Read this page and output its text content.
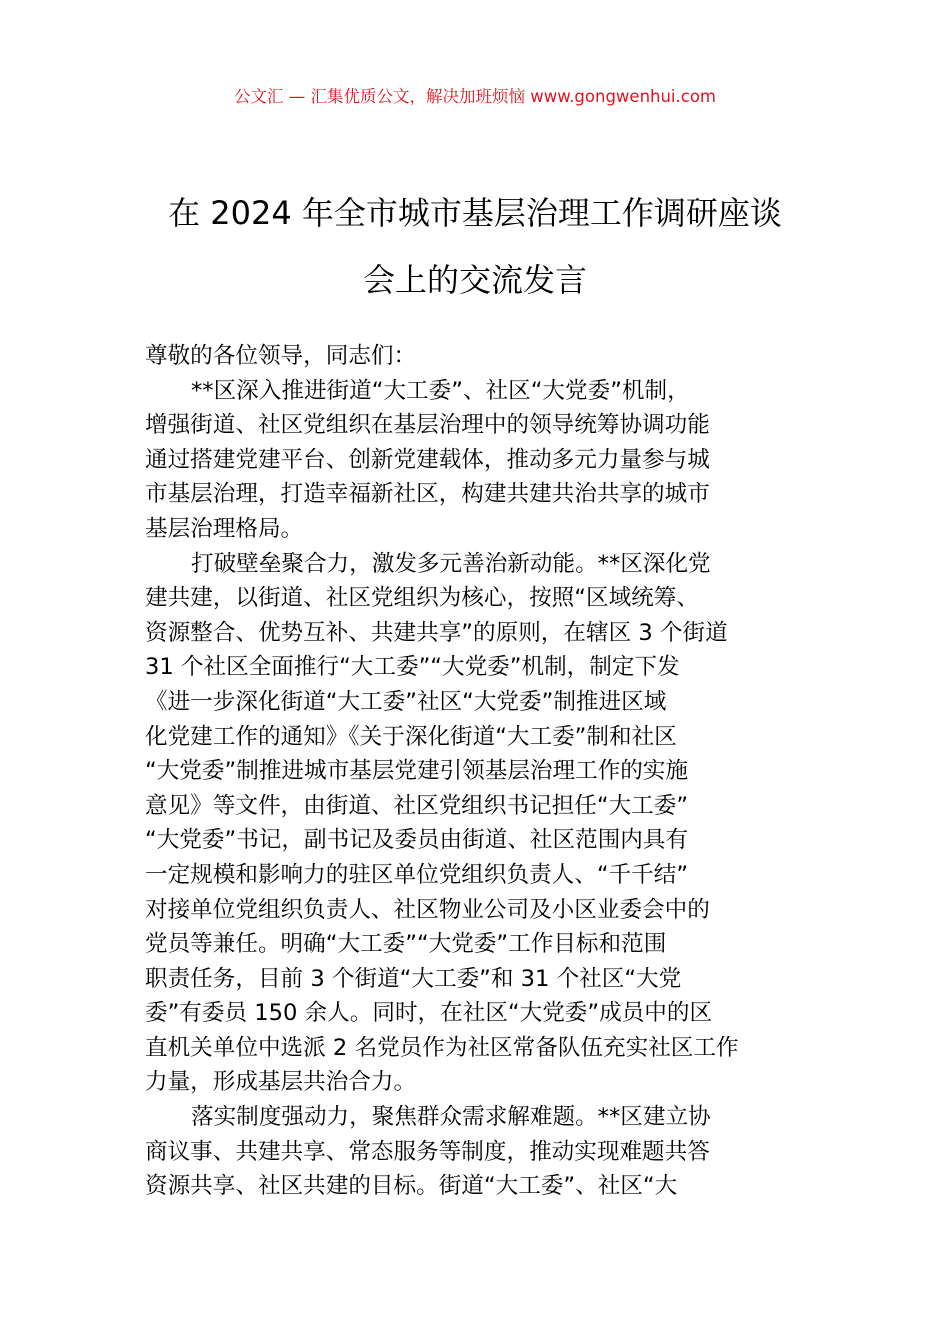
公文汇 — 汇集优质公文，解决加班烦恼 www.gongwenhui.com
在 2024 年全市城市基层治理工作调研座谈
会上的交流发言
尊敬的各位领导，同志们：
**区深入推进街道“大工委”、社区“大党委”机制，
增强街道、社区党组织在基层治理中的领导统筹协调功能
通过搭建党建平台、创新党建载体，推动多元力量参与城
市基层治理，打造幸福新社区，构建共建共治共享的城市
基层治理格局。
打破壁垒聚合力，激发多元善治新动能。**区深化党
建共建，以街道、社区党组织为核心，按照“区域统筹、
资源整合、优势互补、共建共享”的原则，在辖区 3 个街道
31 个社区全面推行“大工委”“大党委”机制，制定下发
《进一步深化街道“大工委”社区“大党委”制推进区域
化党建工作的通知》《关于深化街道“大工委”制和社区
“大党委”制推进城市基层党建引领基层治理工作的实施
意见》等文件，由街道、社区党组织书记担任“大工委”
“大党委”书记，副书记及委员由街道、社区范围内具有
一定规模和影响力的驻区单位党组织负责人、“千千结”
对接单位党组织负责人、社区物业公司及小区业委会中的
党员等兼任。明确“大工委”“大党委”工作目标和范围
职责任务，目前 3 个街道“大工委”和 31 个社区“大党
委”有委员 150 余人。同时，在社区“大党委”成员中的区
直机关单位中选派 2 名党员作为社区常备队伍充实社区工作
力量，形成基层共治合力。
落实制度强动力，聚焦群众需求解难题。**区建立协
商议事、共建共享、常态服务等制度，推动实现难题共答
资源共享、社区共建的目标。街道“大工委”、社区“大
